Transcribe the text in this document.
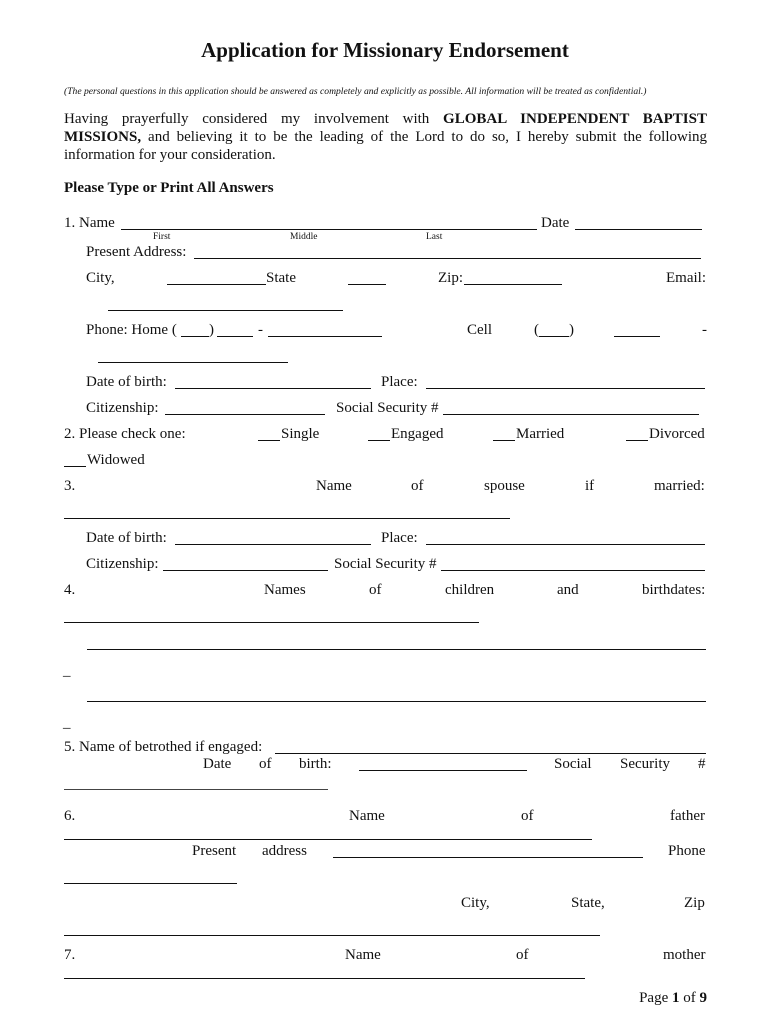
Application for Missionary Endorsement
(The personal questions in this application should be answered as completely and explicitly as possible. All information will be treated as confidential.)
Having prayerfully considered my involvement with GLOBAL INDEPENDENT BAPTIST MISSIONS, and believing it to be the leading of the Lord to do so, I hereby submit the following information for your consideration.
Please Type or Print All Answers
1. Name	Date
First	Middle	Last
Present Address:
City,	State	Zip:	Email:
Phone: Home ( )	-	Cell	( )	-
Date of birth:	Place:
Citizenship:	Social Security #
2. Please check one:	Single	Engaged	Married	Divorced
Widowed
3.	Name	of	spouse	if	married:
Date of birth:	Place:
Citizenship:	Social Security #
4.	Names	of	children	and	birthdates:
_
_
5. Name of betrothed if engaged:
Date of birth:	Social Security #
6.	Name	of	father
Present address	Phone
City,	State,	Zip
7.	Name	of	mother
Page 1 of 9
